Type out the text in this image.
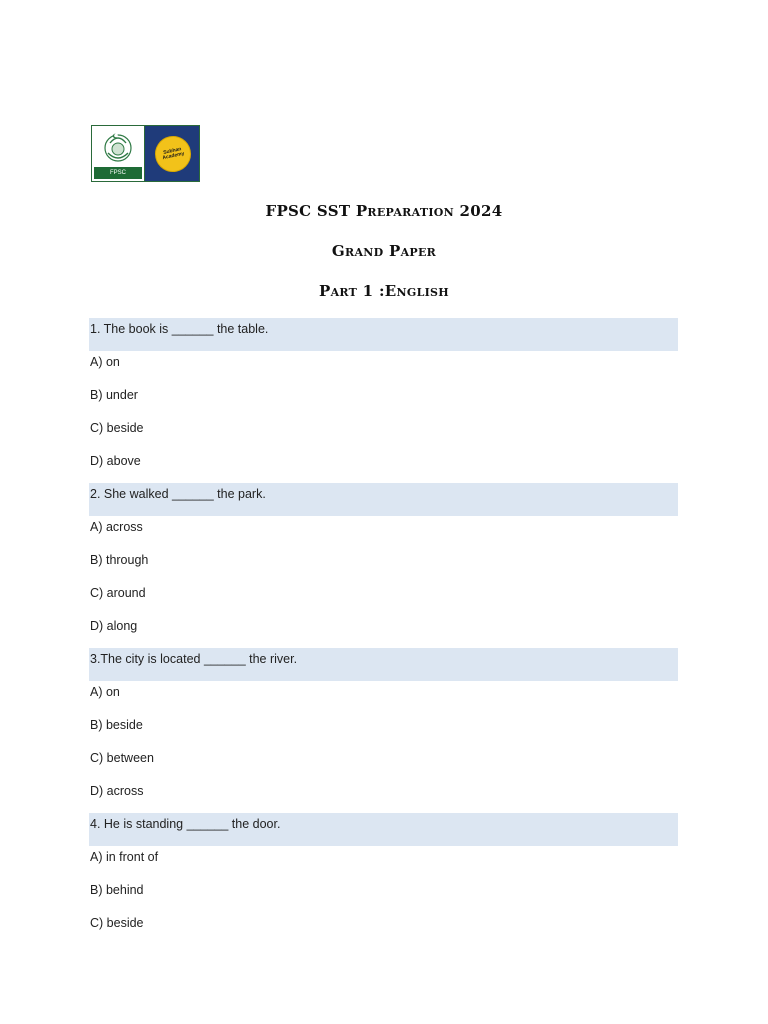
FPSC
Subhan Academy
FPSC SST Preparation 2024
Grand Paper
Part 1 :English
1. The book is ______ the table.
A) on
B) under
C) beside
D) above
2. She walked ______ the park.
A) across
B) through
C) around
D) along
3.The city is located ______ the river.
A) on
B) beside
C) between
D) across
4. He is standing ______ the door.
A) in front of
B) behind
C) beside
